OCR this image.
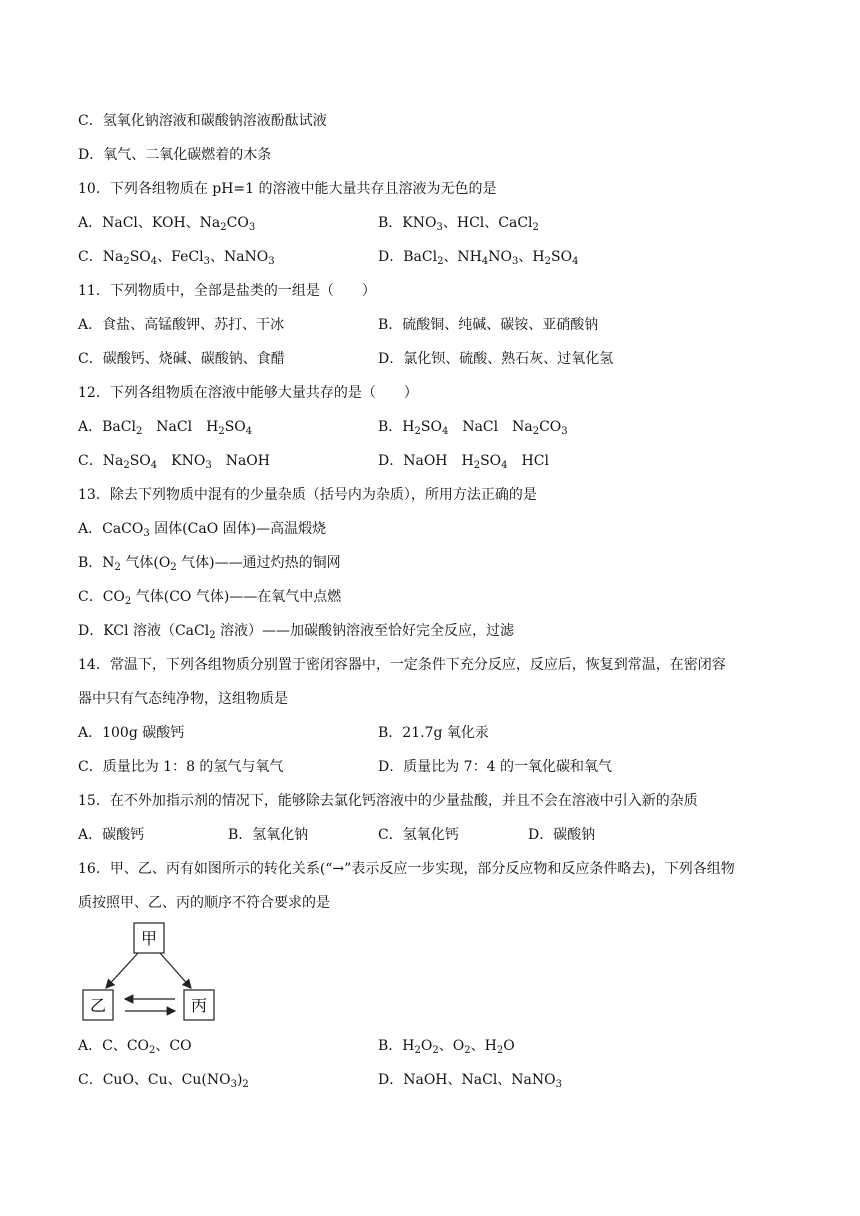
C．氢氧化钠溶液和碳酸钠溶液酚酞试液
D．氧气、二氧化碳燃着的木条
10．下列各组物质在 pH=1 的溶液中能大量共存且溶液为无色的是
A．NaCl、KOH、$Na_2CO_3$	B．$KNO_3$、HCl、CaCl$_2$
C．$Na_2SO_4$、FeCl$_3$、NaNO$_3$	D．BaCl$_2$、$NH_4NO_3$、$H_2SO_4$
11．下列物质中，全部是盐类的一组是（　　）
A．食盐、高锰酸钾、苏打、干冰	B．硫酸铜、纯碱、碳铵、亚硝酸钠
C．碳酸钙、烧碱、碳酸钠、食醋	D．氯化钡、硫酸、熟石灰、过氧化氢
12．下列各组物质在溶液中能够大量共存的是（　　）
A．BaCl$_2$　NaCl　$H_2SO_4$	B．$H_2SO_4$　NaCl　$Na_2CO_3$
C．$Na_2SO_4$　$KNO_3$　NaOH	D．NaOH　$H_2SO_4$　HCl
13．除去下列物质中混有的少量杂质（括号内为杂质），所用方法正确的是
A．CaCO$_3$ 固体(CaO 固体)—高温煅烧
B．$N_2$ 气体($O_2$ 气体)——通过灼热的铜网
C．$CO_2$ 气体(CO 气体)——在氧气中点燃
D．KCl 溶液（CaCl$_2$ 溶液）——加碳酸钠溶液至恰好完全反应，过滤
14．常温下，下列各组物质分别置于密闭容器中，一定条件下充分反应，反应后，恢复到常温，在密闭容
器中只有气态纯净物，这组物质是
A．100g 碳酸钙	B．21.7g 氧化汞
C．质量比为 1：8 的氢气与氧气	D．质量比为 7：4 的一氧化碳和氧气
15．在不外加指示剂的情况下，能够除去氯化钙溶液中的少量盐酸，并且不会在溶液中引入新的杂质
A．碳酸钙	B．氢氧化钠	C．氢氧化钙	D．碳酸钠
16．甲、乙、丙有如图所示的转化关系(“→”表示反应一步实现，部分反应物和反应条件略去)，下列各组物
质按照甲、乙、丙的顺序不符合要求的是
甲
乙	丙
A．C、$CO_2$、CO	B．$H_2O_2$、$O_2$、$H_2O$
C．CuO、Cu、$Cu(NO_3)_2$	D．NaOH、NaCl、NaNO$_3$
